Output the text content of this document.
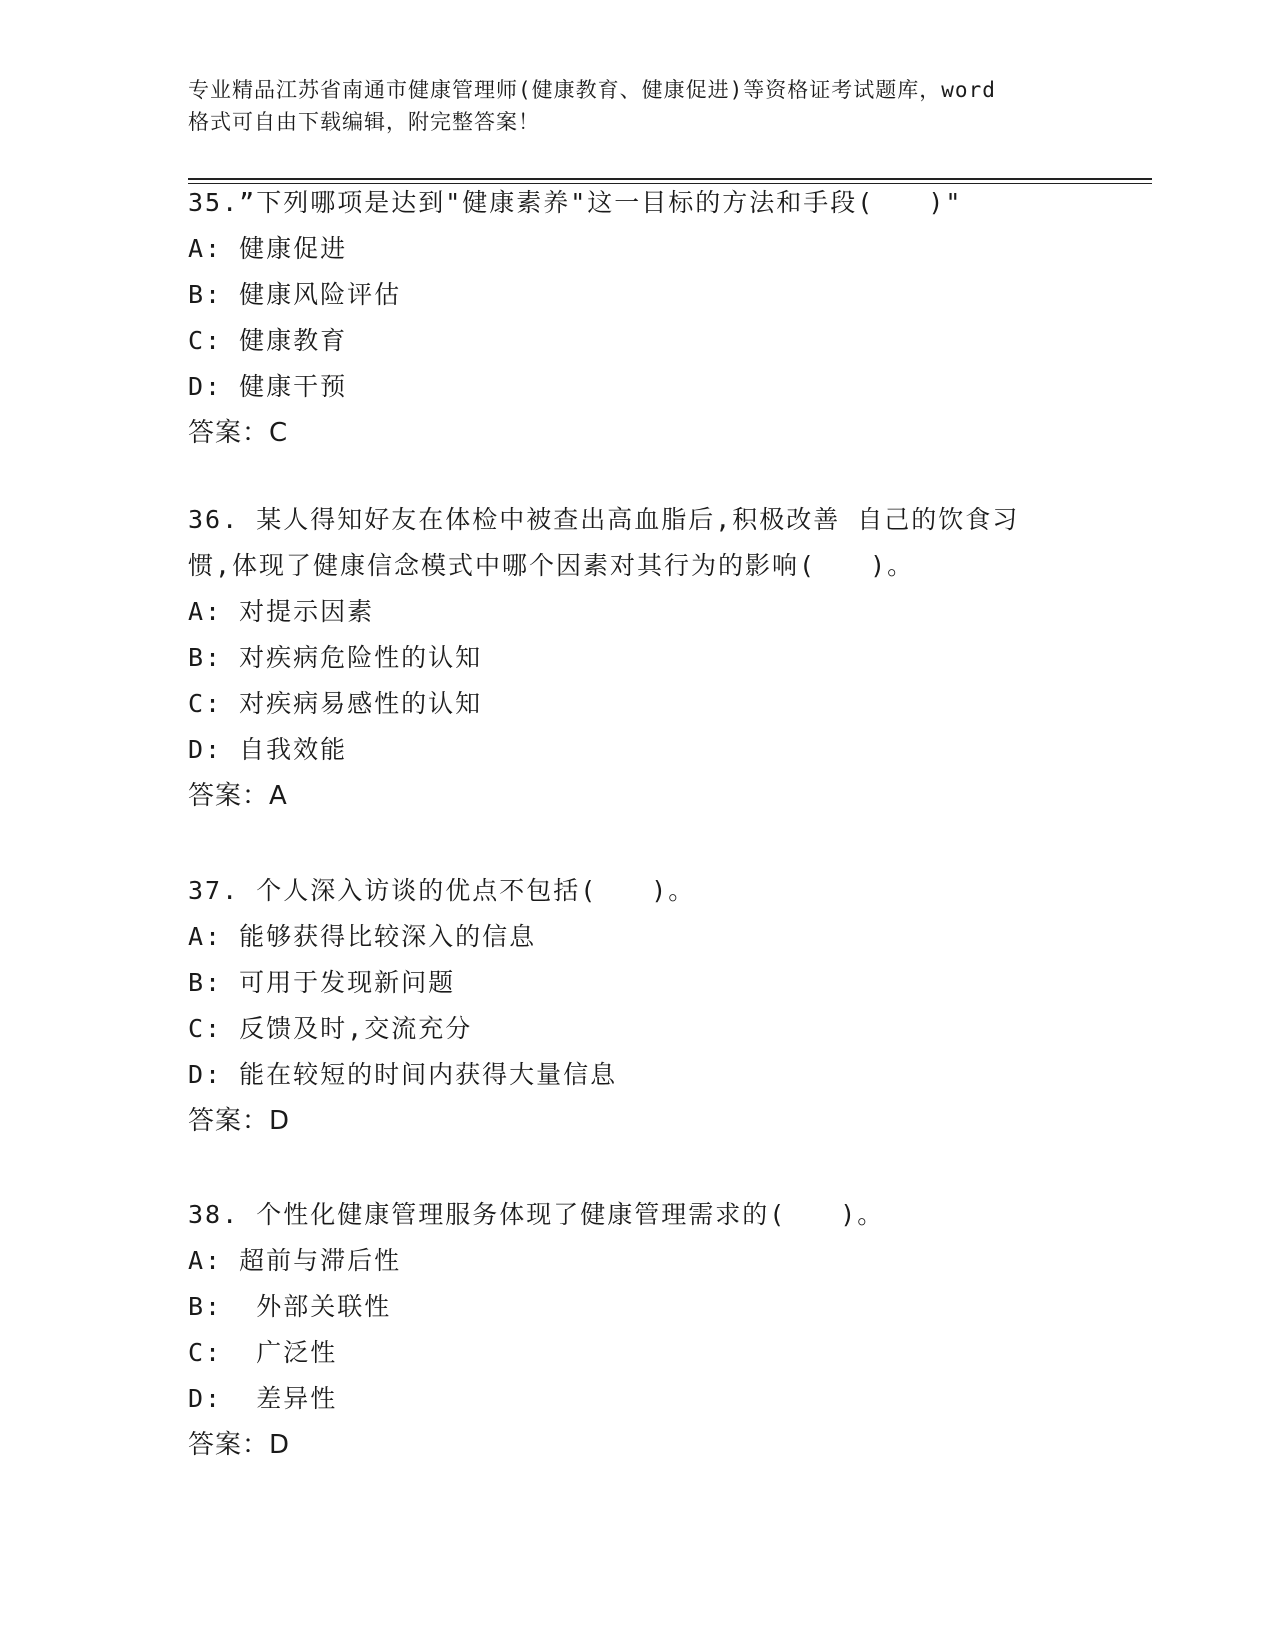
专业精品江苏省南通市健康管理师(健康教育、健康促进)等资格证考试题库，word
格式可自由下载编辑，附完整答案！
35.”下列哪项是达到"健康素养"这一目标的方法和手段(　　)"
A: 健康促进
B: 健康风险评估
C: 健康教育
D: 健康干预
答案：C
36. 某人得知好友在体检中被查出高血脂后,积极改善 自己的饮食习
惯,体现了健康信念模式中哪个因素对其行为的影响(　　)。
A: 对提示因素
B: 对疾病危险性的认知
C: 对疾病易感性的认知
D: 自我效能
答案：A
37. 个人深入访谈的优点不包括(　　)。
A: 能够获得比较深入的信息
B: 可用于发现新问题
C: 反馈及时,交流充分
D: 能在较短的时间内获得大量信息
答案：D
38. 个性化健康管理服务体现了健康管理需求的(　　)。
A: 超前与滞后性
B:  外部关联性
C:  广泛性
D:  差异性
答案：D
